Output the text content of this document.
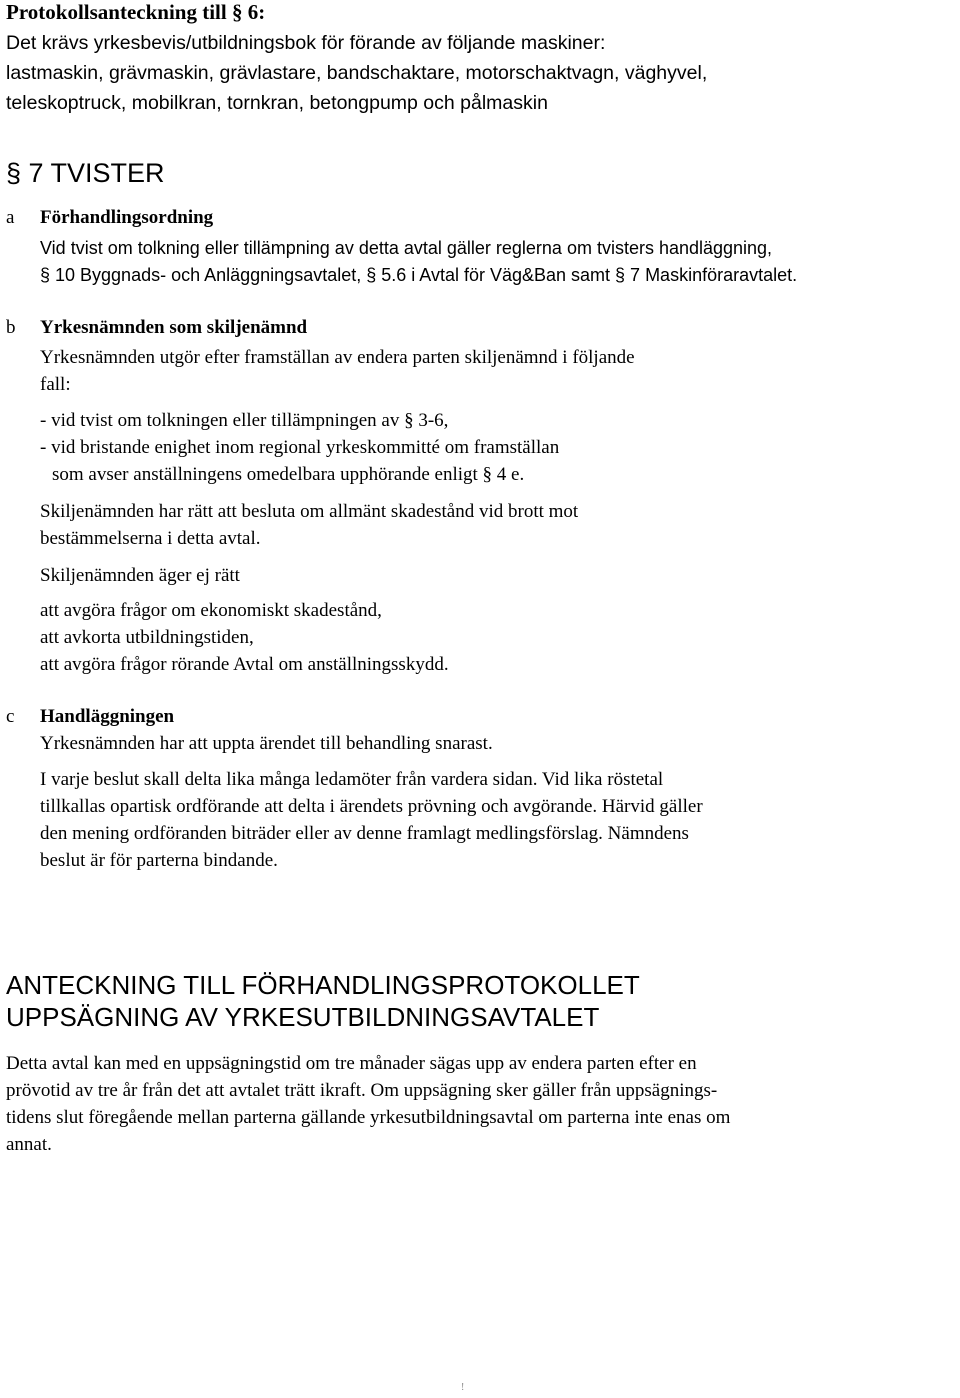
Protokollsanteckning till § 6:
Det krävs yrkesbevis/utbildningsbok för förande av följande maskiner:
lastmaskin, grävmaskin, grävlastare, bandschaktare, motorschaktvagn, väghyvel,
teleskoptruck, mobilkran, tornkran, betongpump och pålmaskin
§ 7 TVISTER
a Förhandlingsordning
Vid tvist om tolkning eller tillämpning av detta avtal gäller reglerna om tvisters handläggning,
§ 10 Byggnads- och Anläggningsavtalet, § 5.6 i Avtal för Väg&Ban samt § 7 Maskinföraravtalet.
b Yrkesnämnden som skiljenämnd
Yrkesnämnden utgör efter framställan av endera parten skiljenämnd i följande
fall:
- vid tvist om tolkningen eller tillämpningen av § 3-6,
- vid bristande enighet inom regional yrkeskommitté om framställan
som avser anställningens omedelbara upphörande enligt § 4 e.
Skiljenämnden har rätt att besluta om allmänt skadestånd vid brott mot
bestämmelserna i detta avtal.
Skiljenämnden äger ej rätt
att avgöra frågor om ekonomiskt skadestånd,
att avkorta utbildningstiden,
att avgöra frågor rörande Avtal om anställningsskydd.
c Handläggningen
Yrkesnämnden har att uppta ärendet till behandling snarast.
I varje beslut skall delta lika många ledamöter från vardera sidan. Vid lika röstetal
tillkallas opartisk ordförande att delta i ärendets prövning och avgörande. Härvid gäller
den mening ordföranden biträder eller av denne framlagt medlingsförslag. Nämndens
beslut är för parterna bindande.
ANTECKNING TILL FÖRHANDLINGSPROTOKOLLET
UPPSÄGNING AV YRKESUTBILDNINGSAVTALET
Detta avtal kan med en uppsägningstid om tre månader sägas upp av endera parten efter en
prövotid av tre år från det att avtalet trätt ikraft. Om uppsägning sker gäller från uppsägnings-
tidens slut föregående mellan parterna gällande yrkesutbildningsavtal om parterna inte enas om
annat.
!
